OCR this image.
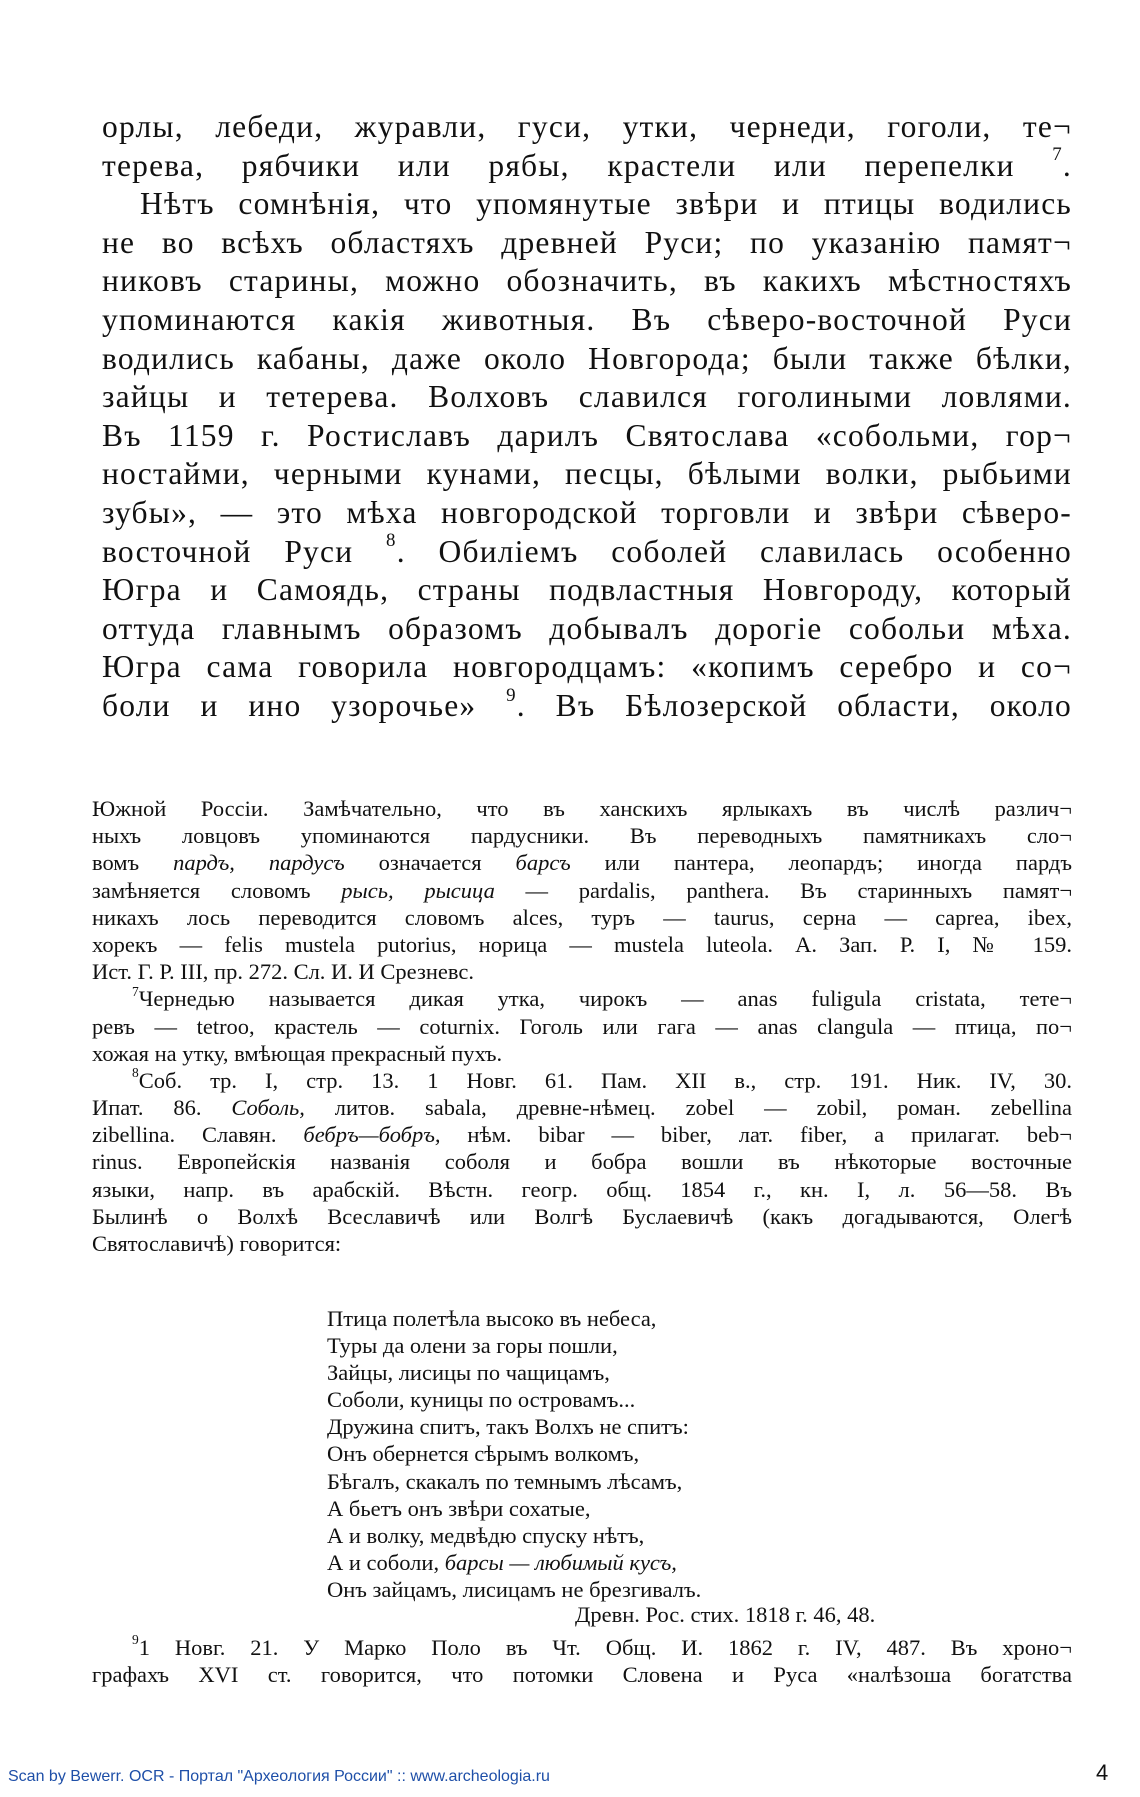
орлы, лебеди, журавли, гуси, утки, чернеди, гоголи, те¬
терева, рябчики или рябы, крастели или перепелки $^7$.
Нѣтъ сомнѣнія, что упомянутые звѣри и птицы водились
не во всѣхъ областяхъ древней Руси; по указанію памят¬
никовъ старины, можно обозначить, въ какихъ мѣстностяхъ
упоминаются какія животныя. Въ сѣверо-восточной Руси
водились кабаны, даже около Новгорода; были также бѣлки,
зайцы и тетерева. Волховъ славился гоголиными ловлями.
Въ 1159 г. Ростиславъ дарилъ Святослава «собольми, гор¬
ностайми, черными кунами, песцы, бѣлыми волки, рыбьими
зубы», — это мѣха новгородской торговли и звѣри сѣверо-
восточной Руси $^8$. Обиліемъ соболей славилась особенно
Югра и Самоядь, страны подвластныя Новгороду, который
оттуда главнымъ образомъ добывалъ дорогіе собольи мѣха.
Югра сама говорила новгородцамъ: «копимъ серебро и со¬
боли и ино узорочье» $^9$. Въ Бѣлозерской области, около
Южной Россіи. Замѣчательно, что въ ханскихъ ярлыкахъ въ числѣ различ¬
ныхъ ловцовъ упоминаются пардусники. Въ переводныхъ памятникахъ сло¬
вомъ пардъ, пардусъ означается барсъ или пантера, леопардъ; иногда пардъ
замѣняется словомъ рысь, рысица — pardalis, panthera. Въ старинныхъ памят¬
никахъ лось переводится словомъ alces, туръ — taurus, серна — caprea, ibex,
хорекъ — felis mustela putorius, норица — mustela luteola. А. Зап. Р. I, № 159.
Ист. Г. Р. III, пр. 272. Сл. И. И Срезневс.
$^7$Чернедью называется дикая утка, чирокъ — anas fuligula cristata, тете¬
ревъ — tetroo, крастель — coturnix. Гоголь или гага — anas clangula — птица, по¬
хожая на утку, вмѣющая прекрасный пухъ.
$^8$Соб. тр. I, стр. 13. 1 Новг. 61. Пам. XII в., стр. 191. Ник. IV, 30.
Ипат. 86. Соболь, литов. sabala, древне-нѣмец. zobel — zobil, роман. zebellina
zibellina. Славян. бебръ—бобръ, нѣм. bibar — biber, лат. fiber, а прилагат. beb¬
rinus. Европейскія названія соболя и бобра вошли въ нѣкоторые восточные
языки, напр. въ арабскій. Вѣстн. геогр. общ. 1854 г., кн. I, л. 56—58. Въ
Былинѣ о Волхѣ Всеславичѣ или Волгѣ Буслаевичѣ (какъ догадываются, Олегѣ
Святославичѣ) говорится:
Птица полетѣла высоко въ небеса,
Туры да олени за горы пошли,
Зайцы, лисицы по чащицамъ,
Соболи, куницы по островамъ...
Дружина спитъ, такъ Волхъ не спитъ:
Онъ обернется сѣрымъ волкомъ,
Бѣгалъ, скакалъ по темнымъ лѣсамъ,
А бьетъ онъ звѣри сохатые,
А и волку, медвѣдю спуску нѣтъ,
А и соболи, барсы — любимый кусъ,
Онъ зайцамъ, лисицамъ не брезгивалъ.
Древн. Рос. стих. 1818 г. 46, 48.
$^9$1 Новг. 21. У Марко Поло въ Чт. Общ. И. 1862 г. IV, 487. Въ хроно¬
графахъ XVI ст. говорится, что потомки Словена и Руса «налѣзоша богатства
Scan by Bewerr. OCR - Портал "Археология России" :: www.archeologia.ru	4
